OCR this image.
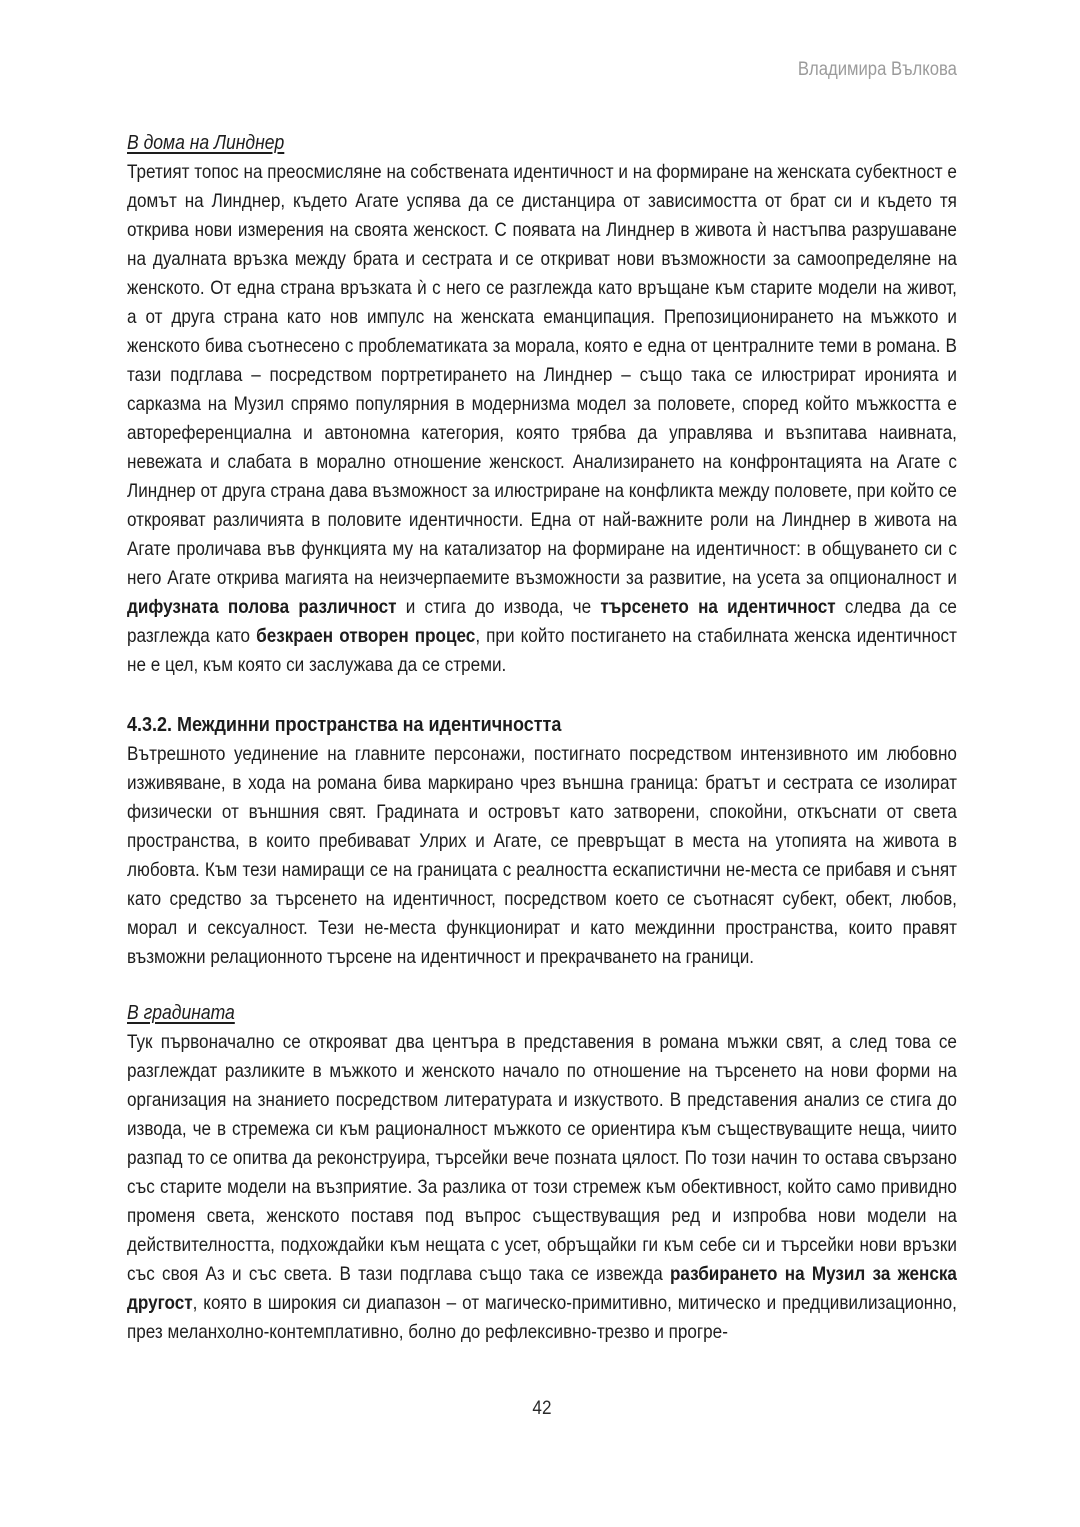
Владимира Вълкова
В дома на Линднер

Третият топос на преосмисляне на собствената идентичност и на формиране на женската субектност е домът на Линднер, където Агате успява да се дистанцира от зависимостта от брат си и където тя открива нови измерения на своята женскост. С появата на Линднер в живота ѝ настъпва разрушаване на дуалната връзка между брата и сестрата и се откриват нови възможности за самоопределяне на женското. От една страна връзката ѝ с него се разглежда като връщане към старите модели на живот, а от друга страна като нов импулс на женската еманципация. Препозиционирането на мъжкото и женското бива съотнесено с проблематиката за морала, която е една от централните теми в романа. В тази подглава – посредством портретирането на Линднер – също така се илюстрират иронията и сарказма на Музил спрямо популярния в модернизма модел за половете, според който мъжкостта е автореференциална и автономна категория, която трябва да управлява и възпитава наивната, невежата и слабата в морално отношение женскост. Анализирането на конфронтацията на Агате с Линднер от друга страна дава възможност за илюстриране на конфликта между половете, при който се открояват различията в половите идентичности. Една от най-важните роли на Линднер в живота на Агате проличава във функцията му на катализатор на формиране на идентичност: в общуването си с него Агате открива магията на неизчерпаемите възможности за развитие, на усета за опционалност и дифузната полова различност и стига до извода, че търсенето на идентичност следва да се разглежда като безкраен отворен процес, при който постигането на стабилната женска идентичност не е цел, към която си заслужава да се стреми.

4.3.2. Междинни пространства на идентичността

Вътрешното уединение на главните персонажи, постигнато посредством интензивното им любовно изживяване, в хода на романа бива маркирано чрез външна граница: братът и сестрата се изолират физически от външния свят. Градината и островът като затворени, спокойни, откъснати от света пространства, в които пребивават Улрих и Агате, се превръщат в места на утопията на живота в любовта. Към тези намиращи се на границата с реалността ескапистични не-места се прибавя и сънят като средство за търсенето на идентичност, посредством което се съотнасят субект, обект, любов, морал и сексуалност. Тези не-места функционират и като междинни пространства, които правят възможни релационното търсене на идентичност и прекрачването на граници.

В градината

Тук първоначално се открояват два центъра в представения в романа мъжки свят, а след това се разглеждат разликите в мъжкото и женското начало по отношение на търсенето на нови форми на организация на знанието посредством литературата и изкуството. В представения анализ се стига до извода, че в стремежа си към рационалност мъжкото се ориентира към съществуващите неща, чиито разпад то се опитва да реконструира, търсейки вече позната цялост. По този начин то остава свързано със старите модели на възприятие. За разлика от този стремеж към обективност, който само привидно променя света, женското поставя под въпрос съществуващия ред и изпробва нови модели на действителността, подхождайки към нещата с усет, обръщайки ги към себе си и търсейки нови връзки със своя Аз и със света. В тази подглава също така се извежда разбирането на Музил за женска другост, която в широкия си диапазон – от магическо-примитивно, митическо и предцивилизационно, през меланхолно-контемплативно, болно до рефлексивно-трезво и прогре-

42
